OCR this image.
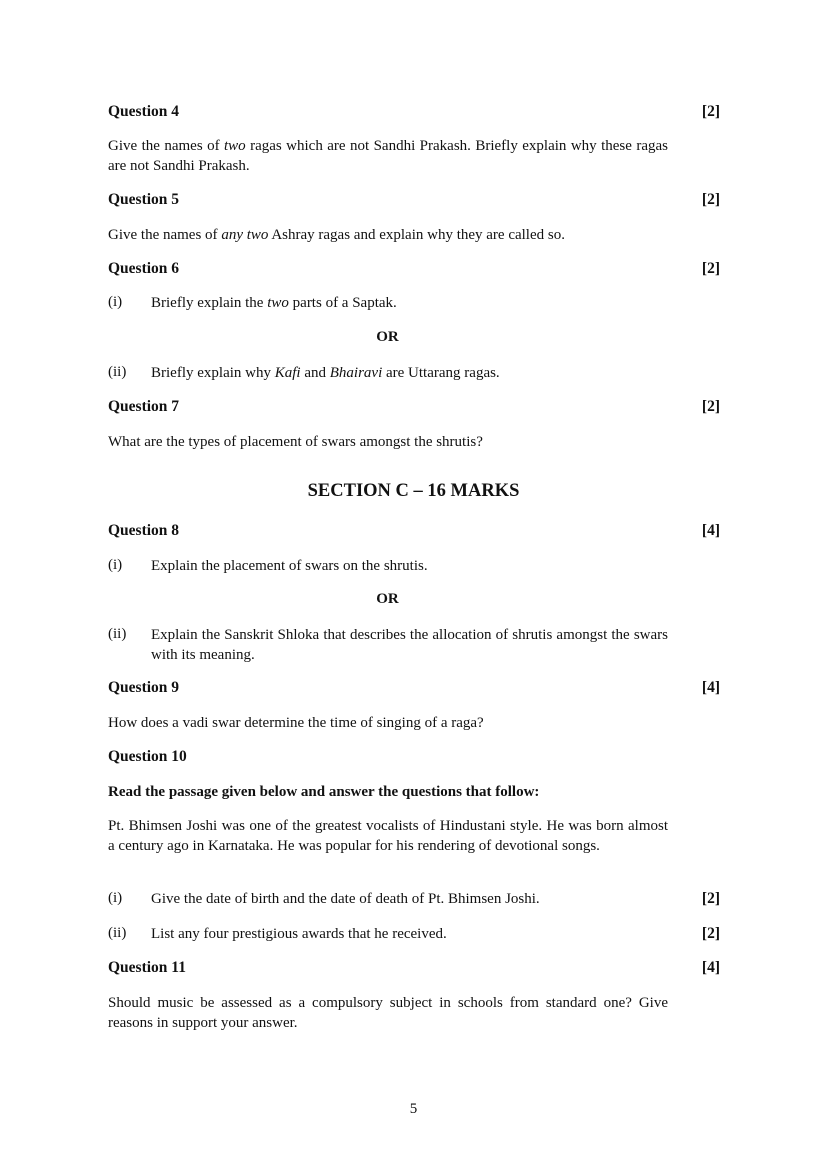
Question 4	[2]
Give the names of two ragas which are not Sandhi Prakash. Briefly explain why these ragas are not Sandhi Prakash.
Question 5	[2]
Give the names of any two Ashray ragas and explain why they are called so.
Question 6	[2]
(i) Briefly explain the two parts of a Saptak.
OR
(ii) Briefly explain why Kafi and Bhairavi are Uttarang ragas.
Question 7	[2]
What are the types of placement of swars amongst the shrutis?
SECTION C – 16 MARKS
Question 8	[4]
(i) Explain the placement of swars on the shrutis.
OR
(ii) Explain the Sanskrit Shloka that describes the allocation of shrutis amongst the swars with its meaning.
Question 9	[4]
How does a vadi swar determine the time of singing of a raga?
Question 10
Read the passage given below and answer the questions that follow:
Pt. Bhimsen Joshi was one of the greatest vocalists of Hindustani style. He was born almost a century ago in Karnataka. He was popular for his rendering of devotional songs.
(i) Give the date of birth and the date of death of Pt. Bhimsen Joshi.	[2]
(ii) List any four prestigious awards that he received.	[2]
Question 11	[4]
Should music be assessed as a compulsory subject in schools from standard one? Give reasons in support your answer.
5
